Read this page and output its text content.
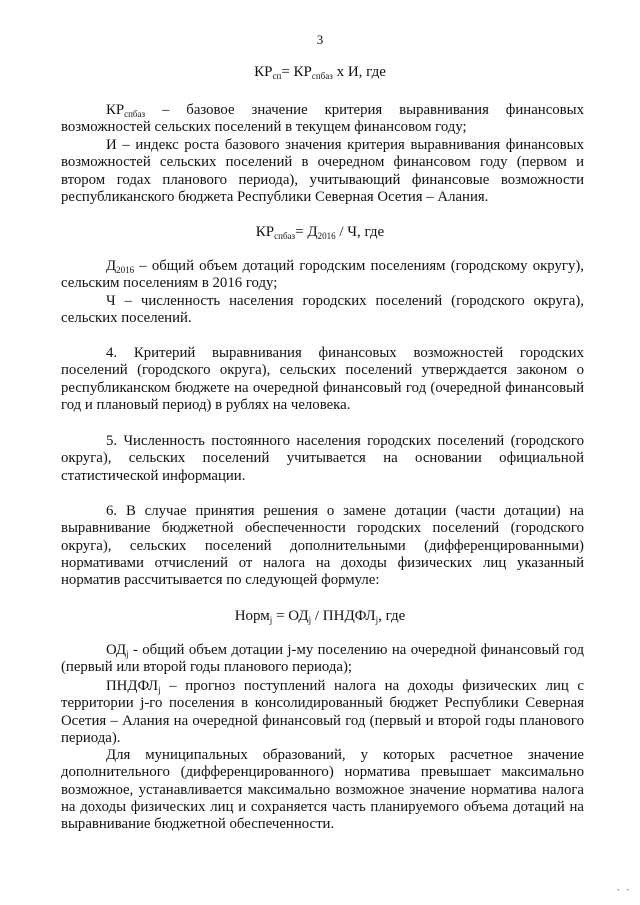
3
$КР_{сп}= КР_{спбаз}$ х И, где
$КР_{спбаз}$ – базовое значение критерия выравнивания финансовых возможностей сельских поселений в текущем финансовом году;
И – индекс роста базового значения критерия выравнивания финансовых возможностей сельских поселений в очередном финансовом году (первом и втором годах планового периода), учитывающий финансовые возможности республиканского бюджета Республики Северная Осетия – Алания.
$КР_{спбаз}= Д_{2016} / Ч$, где
$Д_{2016}$ – общий объем дотаций городским поселениям (городскому округу), сельским поселениям в 2016 году;
Ч – численность населения городских поселений (городского округа), сельских поселений.
4. Критерий выравнивания финансовых возможностей городских поселений (городского округа), сельских поселений утверждается законом о республиканском бюджете на очередной финансовый год (очередной финансовый год и плановый период) в рублях на человека.
5. Численность постоянного населения городских поселений (городского округа), сельских поселений учитывается на основании официальной статистической информации.
6. В случае принятия решения о замене дотации (части дотации) на выравнивание бюджетной обеспеченности городских поселений (городского округа), сельских поселений дополнительными (дифференцированными) нормативами отчислений от налога на доходы физических лиц указанный норматив рассчитывается по следующей формуле:
Норм$_j$ = $ОД_j$ / $ПНДФЛ_j$, где
$ОД_j$ - общий объем дотации j-му поселению на очередной финансовый год (первый или второй годы планового периода);
$ПНДФЛ_j$ – прогноз поступлений налога на доходы физических лиц с территории j-го поселения в консолидированный бюджет Республики Северная Осетия – Алания на очередной финансовый год (первый и второй годы планового периода).
Для муниципальных образований, у которых расчетное значение дополнительного (дифференцированного) норматива превышает максимально возможное, устанавливается максимально возможное значение норматива налога на доходы физических лиц и сохраняется часть планируемого объема дотаций на выравнивание бюджетной обеспеченности.
- -
